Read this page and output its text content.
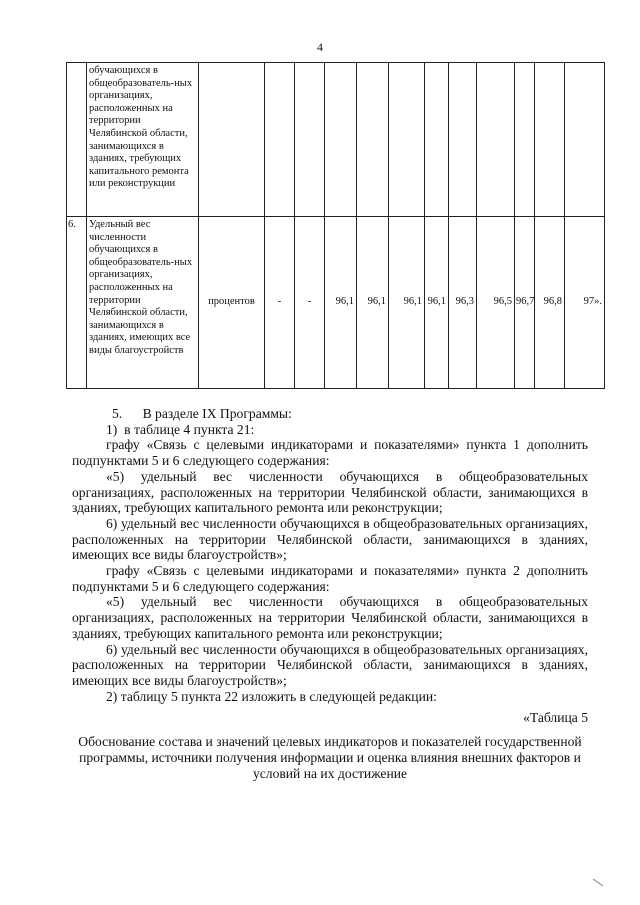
4
	обучающихся в общеобразователь-ных организациях, расположенных на территории Челябинской области, занимающихся в зданиях, требующих капитального ремонта или реконструкции												
6.	Удельный вес численности обучающихся в общеобразователь-ных организациях, расположенных на территории Челябинской области, занимающихся в зданиях, имеющих все виды благоустройств	процентов	-	-	96,1	96,1	96,1	96,1	96,3	96,5	96,7	96,8	97».

5.      В разделе IX Программы:

1)  в таблице 4 пункта 21:

графу «Связь с целевыми индикаторами и показателями» пункта 1 дополнить подпунктами 5 и 6 следующего содержания:

«5) удельный вес численности обучающихся в общеобразовательных организациях, расположенных на территории Челябинской области, занимающихся в зданиях, требующих капитального ремонта или реконструкции;

6) удельный вес численности обучающихся в общеобразовательных организациях, расположенных на территории Челябинской области, занимающихся в зданиях, имеющих все виды благоустройств»;

графу «Связь с целевыми индикаторами и показателями» пункта 2 дополнить подпунктами 5 и 6 следующего содержания:

«5) удельный вес численности обучающихся в общеобразовательных организациях, расположенных на территории Челябинской области, занимающихся в зданиях, требующих капитального ремонта или реконструкции;

6) удельный вес численности обучающихся в общеобразовательных организациях, расположенных на территории Челябинской области, занимающихся в зданиях, имеющих все виды благоустройств»;

2) таблицу 5 пункта 22 изложить в следующей редакции:

«Таблица 5

Обоснование состава и значений целевых индикаторов и показателей государственной программы, источники получения информации и оценка влияния внешних факторов и условий на их достижение
